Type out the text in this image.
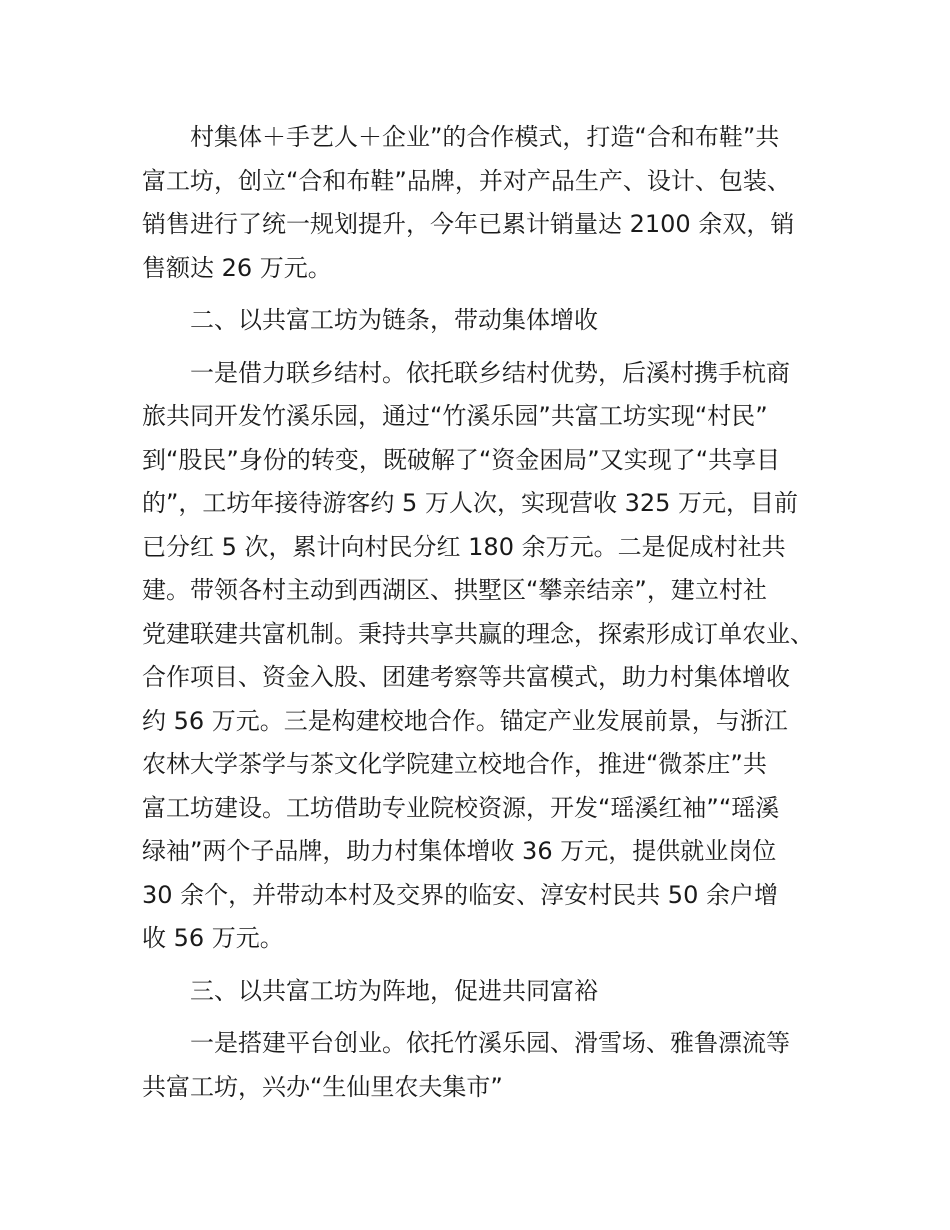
村集体＋手艺人＋企业”的合作模式，打造“合和布鞋”共
富工坊，创立“合和布鞋”品牌，并对产品生产、设计、包装、
销售进行了统一规划提升，今年已累计销量达 2100 余双，销
售额达 26 万元。
二、以共富工坊为链条，带动集体增收
一是借力联乡结村。依托联乡结村优势，后溪村携手杭商
旅共同开发竹溪乐园，通过“竹溪乐园”共富工坊实现“村民”
到“股民”身份的转变，既破解了“资金困局”又实现了“共享目
的”，工坊年接待游客约 5 万人次，实现营收 325 万元，目前
已分红 5 次，累计向村民分红 180 余万元。二是促成村社共
建。带领各村主动到西湖区、拱墅区“攀亲结亲”，建立村社
党建联建共富机制。秉持共享共赢的理念，探索形成订单农业、
合作项目、资金入股、团建考察等共富模式，助力村集体增收
约 56 万元。三是构建校地合作。锚定产业发展前景，与浙江
农林大学茶学与茶文化学院建立校地合作，推进“微茶庄”共
富工坊建设。工坊借助专业院校资源，开发“瑶溪红袖”“瑶溪
绿袖”两个子品牌，助力村集体增收 36 万元，提供就业岗位
30 余个，并带动本村及交界的临安、淳安村民共 50 余户增
收 56 万元。
三、以共富工坊为阵地，促进共同富裕
一是搭建平台创业。依托竹溪乐园、滑雪场、雅鲁漂流等
共富工坊，兴办“生仙里农夫集市”
